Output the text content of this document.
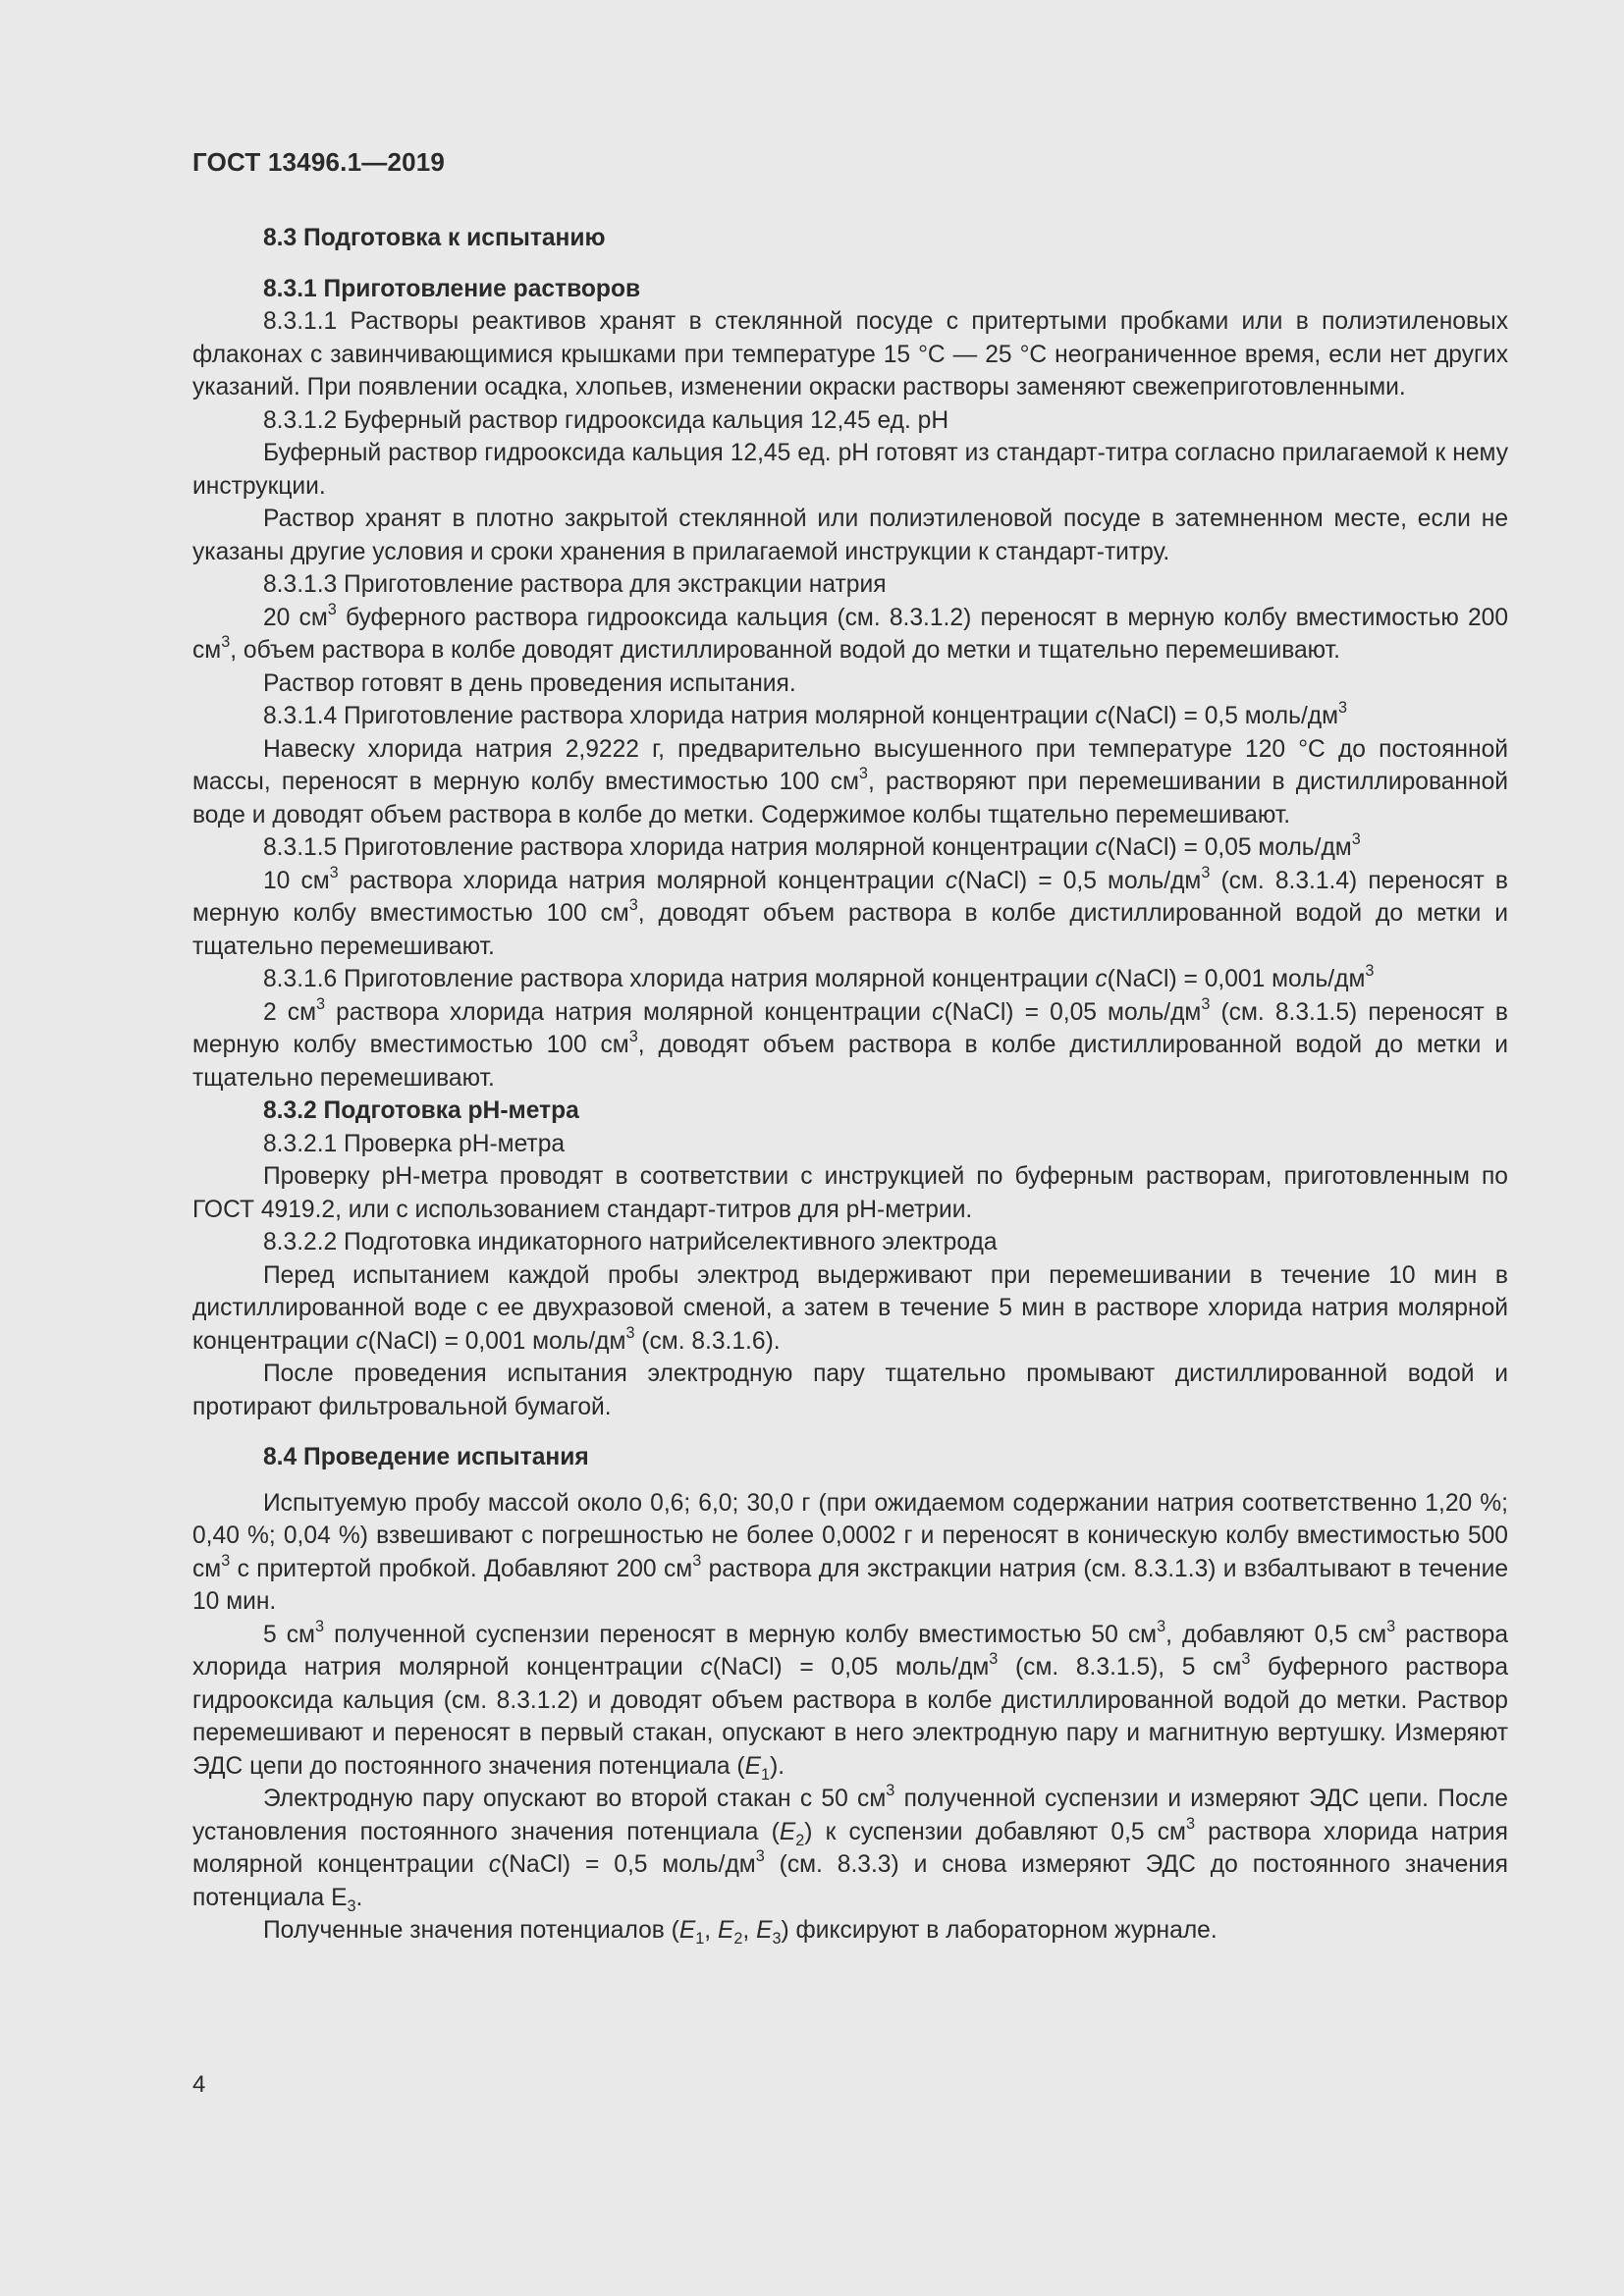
ГОСТ 13496.1—2019

8.3 Подготовка к испытанию

8.3.1 Приготовление растворов

8.3.1.1 Растворы реактивов хранят в стеклянной посуде с притертыми пробками или в полиэтиленовых флаконах с завинчивающимися крышками при температуре 15 °С — 25 °С неограниченное время, если нет других указаний. При появлении осадка, хлопьев, изменении окраски растворы заменяют свежеприготовленными.

8.3.1.2 Буферный раствор гидрооксида кальция 12,45 ед. рН

Буферный раствор гидрооксида кальция 12,45 ед. рН готовят из стандарт-титра согласно прилагаемой к нему инструкции.

Раствор хранят в плотно закрытой стеклянной или полиэтиленовой посуде в затемненном месте, если не указаны другие условия и сроки хранения в прилагаемой инструкции к стандарт-титру.

8.3.1.3 Приготовление раствора для экстракции натрия

20 $см^3$ буферного раствора гидрооксида кальция (см. 8.3.1.2) переносят в мерную колбу вместимостью 200 $см^3$, объем раствора в колбе доводят дистиллированной водой до метки и тщательно перемешивают.

Раствор готовят в день проведения испытания.

8.3.1.4 Приготовление раствора хлорида натрия молярной концентрации c(NaCl) = 0,5 моль/$дм^3$

Навеску хлорида натрия 2,9222 г, предварительно высушенного при температуре 120 °С до постоянной массы, переносят в мерную колбу вместимостью 100 $см^3$, растворяют при перемешивании в дистиллированной воде и доводят объем раствора в колбе до метки. Содержимое колбы тщательно перемешивают.

8.3.1.5 Приготовление раствора хлорида натрия молярной концентрации c(NaCl) = 0,05 моль/$дм^3$

10 $см^3$ раствора хлорида натрия молярной концентрации c(NaCl) = 0,5 моль/$дм^3$ (см. 8.3.1.4) переносят в мерную колбу вместимостью 100 $см^3$, доводят объем раствора в колбе дистиллированной водой до метки и тщательно перемешивают.

8.3.1.6 Приготовление раствора хлорида натрия молярной концентрации c(NaCl) = 0,001 моль/$дм^3$

2 $см^3$ раствора хлорида натрия молярной концентрации c(NaCl) = 0,05 моль/$дм^3$ (см. 8.3.1.5) переносят в мерную колбу вместимостью 100 $см^3$, доводят объем раствора в колбе дистиллированной водой до метки и тщательно перемешивают.

8.3.2 Подготовка рН-метра

8.3.2.1 Проверка рН-метра

Проверку рН-метра проводят в соответствии с инструкцией по буферным растворам, приготовленным по ГОСТ 4919.2, или с использованием стандарт-титров для рН-метрии.

8.3.2.2 Подготовка индикаторного натрийселективного электрода

Перед испытанием каждой пробы электрод выдерживают при перемешивании в течение 10 мин в дистиллированной воде с ее двухразовой сменой, а затем в течение 5 мин в растворе хлорида натрия молярной концентрации c(NaCl) = 0,001 моль/$дм^3$ (см. 8.3.1.6).

После проведения испытания электродную пару тщательно промывают дистиллированной водой и протирают фильтровальной бумагой.

8.4 Проведение испытания

Испытуемую пробу массой около 0,6; 6,0; 30,0 г (при ожидаемом содержании натрия соответственно 1,20 %; 0,40 %; 0,04 %) взвешивают с погрешностью не более 0,0002 г и переносят в коническую колбу вместимостью 500 $см^3$ с притертой пробкой. Добавляют 200 $см^3$ раствора для экстракции натрия (см. 8.3.1.3) и взбалтывают в течение 10 мин.

5 $см^3$ полученной суспензии переносят в мерную колбу вместимостью 50 $см^3$, добавляют 0,5 $см^3$ раствора хлорида натрия молярной концентрации c(NaCl) = 0,05 моль/$дм^3$ (см. 8.3.1.5), 5 $см^3$ буферного раствора гидрооксида кальция (см. 8.3.1.2) и доводят объем раствора в колбе дистиллированной водой до метки. Раствор перемешивают и переносят в первый стакан, опускают в него электродную пару и магнитную вертушку. Измеряют ЭДС цепи до постоянного значения потенциала $(E_1)$.

Электродную пару опускают во второй стакан с 50 $см^3$ полученной суспензии и измеряют ЭДС цепи. После установления постоянного значения потенциала $(E_2)$ к суспензии добавляют 0,5 $см^3$ раствора хлорида натрия молярной концентрации c(NaCl) = 0,5 моль/$дм^3$ (см. 8.3.3) и снова измеряют ЭДС до постоянного значения потенциала $Е_3$.

Полученные значения потенциалов ($E_1$, $E_2$, $E_3$) фиксируют в лабораторном журнале.

4
